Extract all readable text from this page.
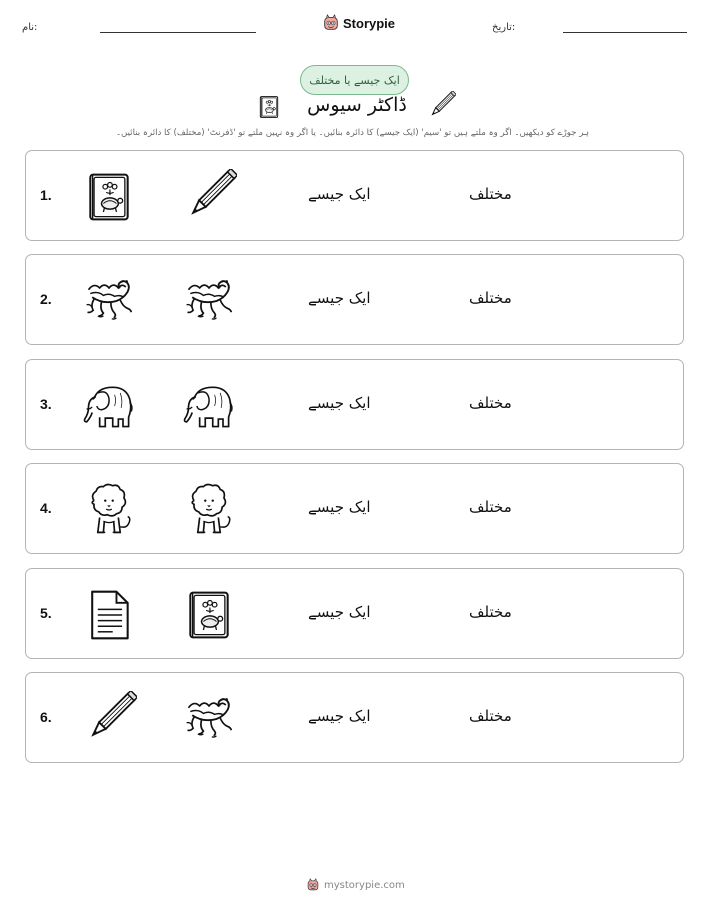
نام:	Storypie	تاریخ:
ایک جیسے یا مختلف
ڈاکٹر سیوس
ہر جوڑے کو دیکھیں۔ اگر وہ ملتے ہیں تو 'سیم' (ایک جیسے) کا دائرہ بنائیں۔ یا اگر وہ نہیں ملتے تو 'ڈفرنٹ' (مختلف) کا دائرہ بنائیں۔
1.	ایک جیسے	مختلف
2.	ایک جیسے	مختلف
3.	ایک جیسے	مختلف
4.	ایک جیسے	مختلف
5.	ایک جیسے	مختلف
6.	ایک جیسے	مختلف
mystorypie.com
